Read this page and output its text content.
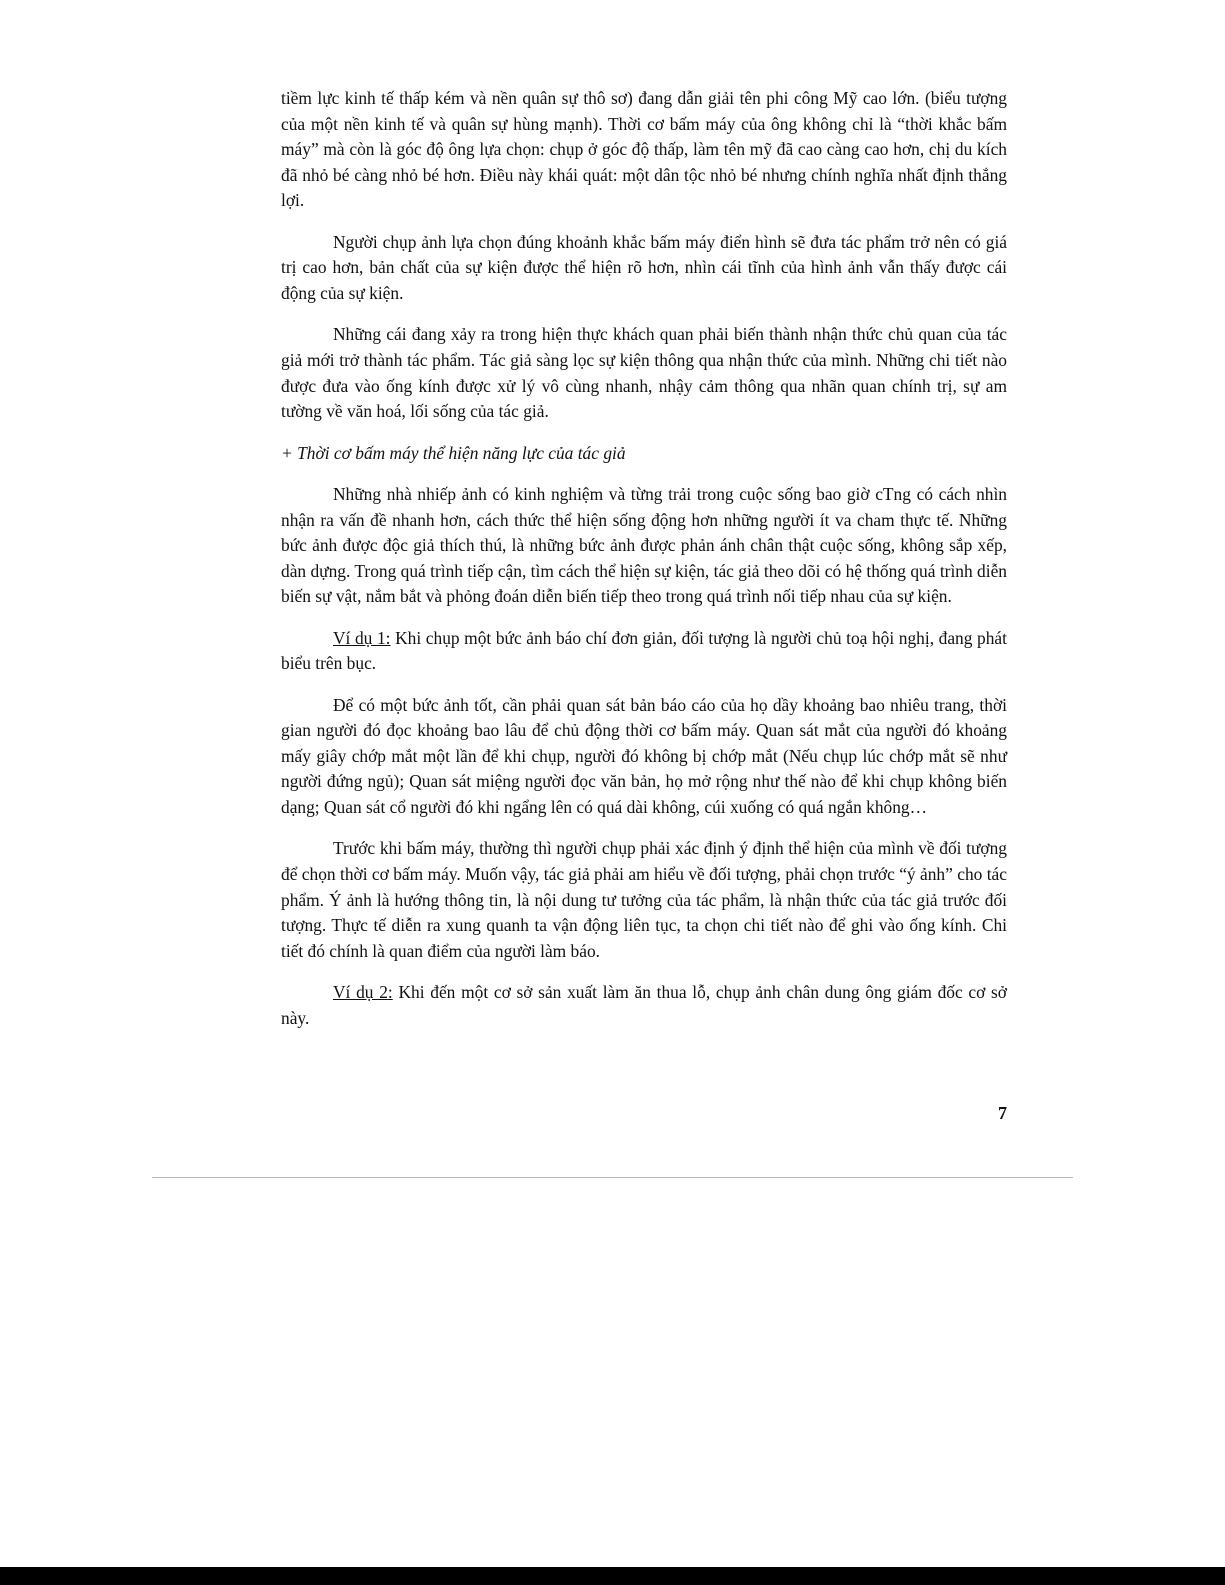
tiềm lực kinh tế thấp kém và nền quân sự thô sơ) đang dẫn giải tên phi công Mỹ cao lớn. (biểu tượng của một nền kinh tế và quân sự hùng mạnh). Thời cơ bấm máy của ông không chỉ là “thời khắc bấm máy” mà còn là góc độ ông lựa chọn: chụp ở góc độ thấp, làm tên mỹ đã cao càng cao hơn, chị du kích đã nhỏ bé càng nhỏ bé hơn. Điều này khái quát: một dân tộc nhỏ bé nhưng chính nghĩa nhất định thắng lợi.

Người chụp ảnh lựa chọn đúng khoảnh khắc bấm máy điển hình sẽ đưa tác phẩm trở nên có giá trị cao hơn, bản chất của sự kiện được thể hiện rõ hơn, nhìn cái tĩnh của hình ảnh vẫn thấy được cái động của sự kiện.

Những cái đang xảy ra trong hiện thực khách quan phải biến thành nhận thức chủ quan của tác giả mới trở thành tác phẩm. Tác giả sàng lọc sự kiện thông qua nhận thức của mình. Những chi tiết nào được đưa vào ống kính được xử lý vô cùng nhanh, nhậy cảm thông qua nhãn quan chính trị, sự am tường về văn hoá, lối sống của tác giả.

+ Thời cơ bấm máy thể hiện năng lực của tác giả

Những nhà nhiếp ảnh có kinh nghiệm và từng trải trong cuộc sống bao giờ cTng có cách nhìn nhận ra vấn đề nhanh hơn, cách thức thể hiện sống động hơn những người ít va cham thực tế. Những bức ảnh được độc giả thích thú, là những bức ảnh được phản ánh chân thật cuộc sống, không sắp xếp, dàn dựng. Trong quá trình tiếp cận, tìm cách thể hiện sự kiện, tác giả theo dõi có hệ thống quá trình diễn biến sự vật, nắm bắt và phỏng đoán diễn biến tiếp theo trong quá trình nối tiếp nhau của sự kiện.

Ví dụ 1: Khi chụp một bức ảnh báo chí đơn giản, đối tượng là người chủ toạ hội nghị, đang phát biểu trên bục.

Để có một bức ảnh tốt, cần phải quan sát bản báo cáo của họ dầy khoảng bao nhiêu trang, thời gian người đó đọc khoảng bao lâu để chủ động thời cơ bấm máy. Quan sát mắt của người đó khoảng mấy giây chớp mắt một lần để khi chụp, người đó không bị chớp mắt (Nếu chụp lúc chớp mắt sẽ như người đứng ngủ); Quan sát miệng người đọc văn bản, họ mở rộng như thế nào để khi chụp không biến dạng; Quan sát cổ người đó khi ngẩng lên có quá dài không, cúi xuống có quá ngắn không…

Trước khi bấm máy, thường thì người chụp phải xác định ý định thể hiện của mình về đối tượng để chọn thời cơ bấm máy. Muốn vậy, tác giả phải am hiểu về đối tượng, phải chọn trước “ý ảnh” cho tác phẩm. Ý ảnh là hướng thông tin, là nội dung tư tưởng của tác phẩm, là nhận thức của tác giả trước đối tượng. Thực tế diễn ra xung quanh ta vận động liên tục, ta chọn chi tiết nào để ghi vào ống kính. Chi tiết đó chính là quan điểm của người làm báo.

Ví dụ 2: Khi đến một cơ sở sản xuất làm ăn thua lỗ, chụp ảnh chân dung ông giám đốc cơ sở này.

7
